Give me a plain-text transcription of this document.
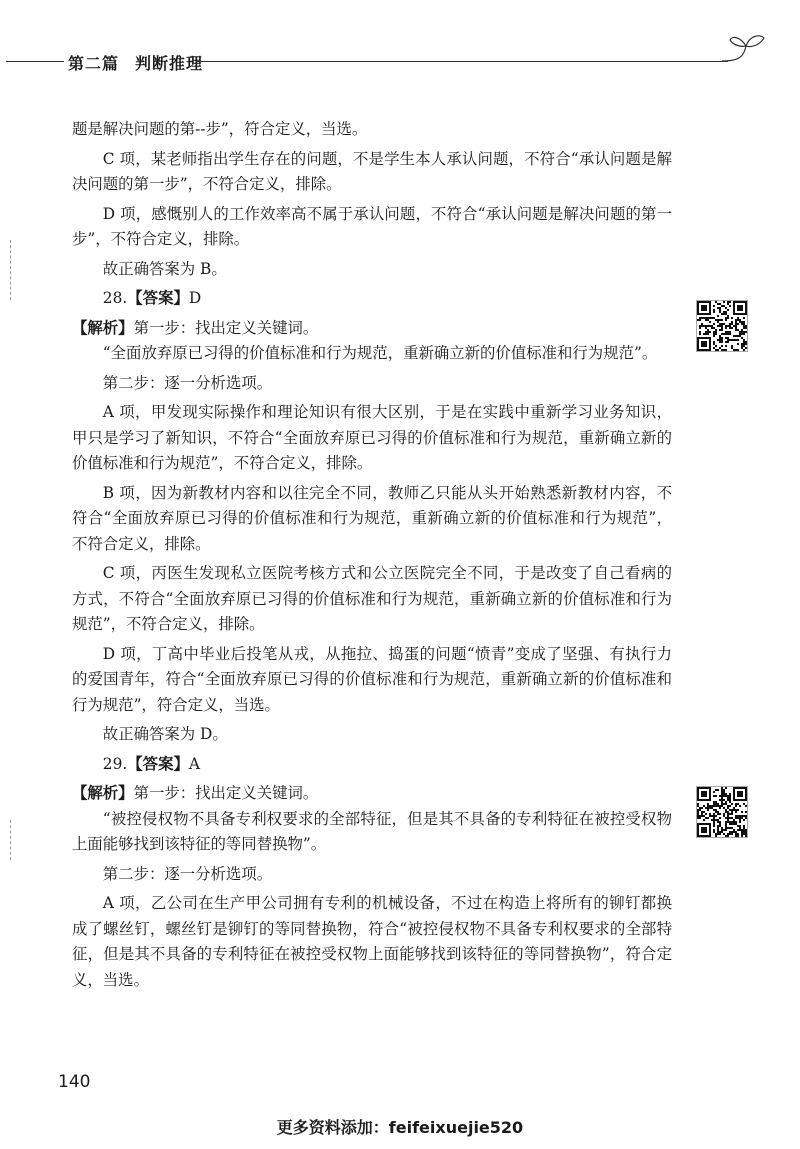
第二篇 判断推理

题是解决问题的第--步”，符合定义，当选。

C 项，某老师指出学生存在的问题，不是学生本人承认问题，不符合“承认问题是解决问题的第一步”，不符合定义，排除。

D 项，感慨别人的工作效率高不属于承认问题，不符合“承认问题是解决问题的第一步”，不符合定义，排除。

故正确答案为 B。

28.【答案】D

【解析】第一步：找出定义关键词。

“全面放弃原已习得的价值标准和行为规范，重新确立新的价值标准和行为规范”。

第二步：逐一分析选项。

A 项，甲发现实际操作和理论知识有很大区别，于是在实践中重新学习业务知识，甲只是学习了新知识，不符合“全面放弃原已习得的价值标准和行为规范，重新确立新的价值标准和行为规范”，不符合定义，排除。

B 项，因为新教材内容和以往完全不同，教师乙只能从头开始熟悉新教材内容，不符合“全面放弃原已习得的价值标准和行为规范，重新确立新的价值标准和行为规范”，不符合定义，排除。

C 项，丙医生发现私立医院考核方式和公立医院完全不同，于是改变了自己看病的方式，不符合“全面放弃原已习得的价值标准和行为规范，重新确立新的价值标准和行为规范”，不符合定义，排除。

D 项，丁高中毕业后投笔从戎，从拖拉、捣蛋的问题“愤青”变成了坚强、有执行力的爱国青年，符合“全面放弃原已习得的价值标准和行为规范，重新确立新的价值标准和行为规范”，符合定义，当选。

故正确答案为 D。

29.【答案】A

【解析】第一步：找出定义关键词。

“被控侵权物不具备专利权要求的全部特征，但是其不具备的专利特征在被控受权物上面能够找到该特征的等同替换物”。

第二步：逐一分析选项。

A 项，乙公司在生产甲公司拥有专利的机械设备，不过在构造上将所有的铆钉都换成了螺丝钉，螺丝钉是铆钉的等同替换物，符合“被控侵权物不具备专利权要求的全部特征，但是其不具备的专利特征在被控受权物上面能够找到该特征的等同替换物”，符合定义，当选。

140
更多资料添加：feifeixuejie520
